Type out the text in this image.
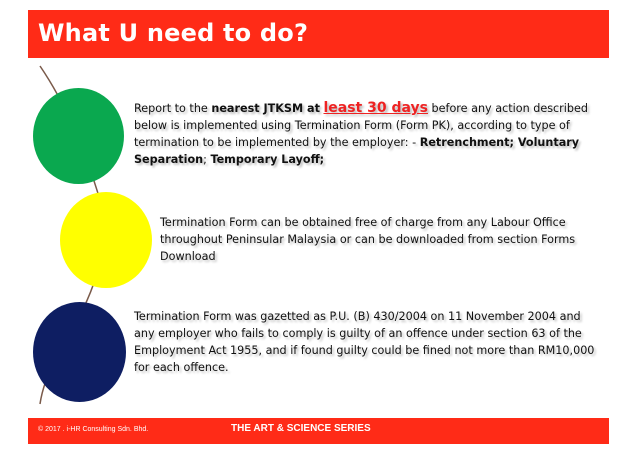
What U need to do?
Report to the nearest JTKSM at least 30 days before any action described below is implemented using Termination Form (Form PK), according to type of termination to be implemented by the employer: - Retrenchment; Voluntary Separation; Temporary Layoff;
Termination Form can be obtained free of charge from any Labour Office throughout Peninsular Malaysia or can be downloaded from section Forms Download
Termination Form was gazetted as P.U. (B) 430/2004 on 11 November 2004 and any employer who fails to comply is guilty of an offence under section 63 of the Employment Act 1955, and if found guilty could be fined not more than RM10,000 for each offence.
© 2017 . i-HR Consulting Sdn. Bhd.	THE ART & SCIENCE SERIES
